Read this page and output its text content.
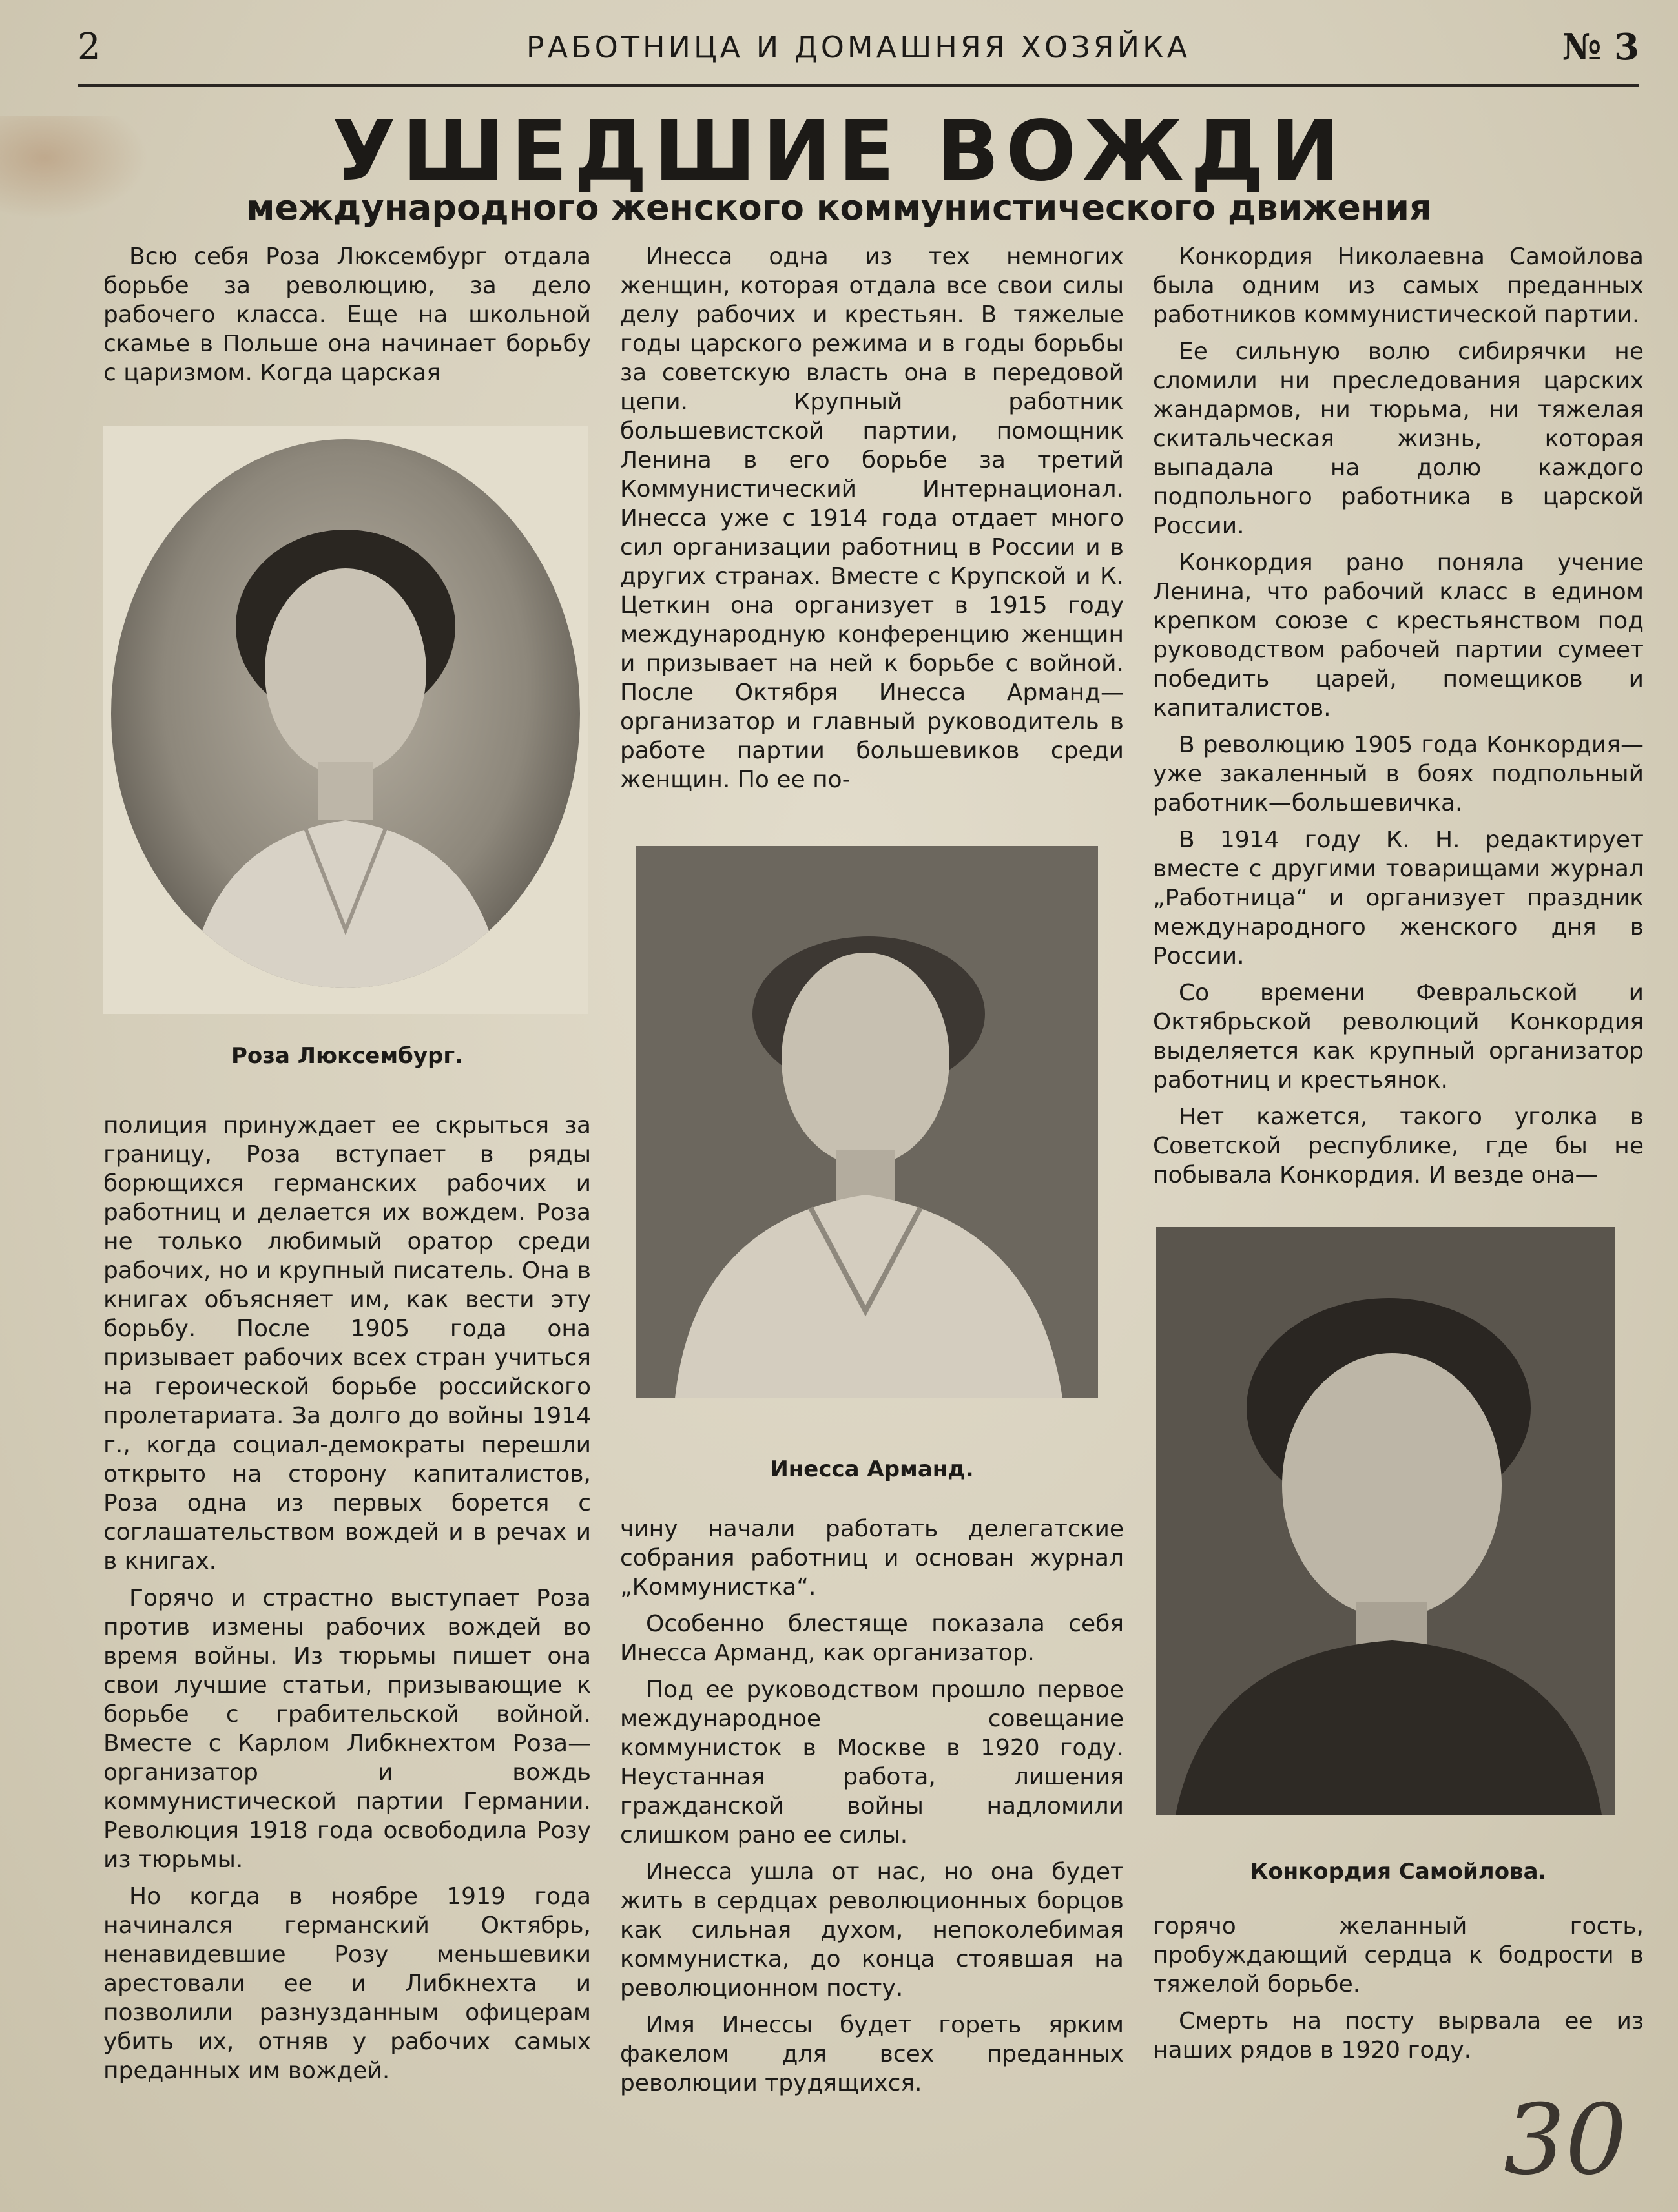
2	РАБОТНИЦА И ДОМАШНЯЯ ХОЗЯЙКА	№ 3
УШЕДШИЕ ВОЖДИ
международного женского коммунистического движения

Всю себя Роза Люксембург отдала борьбе за революцию, за дело рабочего класса. Еще на школьной скамье в Польше она начинает борьбу с царизмом. Когда царская

Роза Люксембург.

полиция принуждает ее скрыться за границу, Роза вступает в ряды борющихся германских рабочих и работниц и делается их вождем. Роза не только любимый оратор среди рабочих, но и крупный писатель. Она в книгах объясняет им, как вести эту борьбу. После 1905 года она призывает рабочих всех стран учиться на героической борьбе российского пролетариата. За долго до войны 1914 г., когда социал-демократы перешли открыто на сторону капиталистов, Роза одна из первых борется с соглашательством вождей и в речах и в книгах.

Горячо и страстно выступает Роза против измены рабочих вождей во время войны. Из тюрьмы пишет она свои лучшие статьи, призывающие к борьбе с грабительской войной. Вместе с Карлом Либкнехтом Роза—организатор и вождь коммунистической партии Германии. Революция 1918 года освободила Розу из тюрьмы.

Но когда в ноябре 1919 года начинался германский Октябрь, ненавидевшие Розу меньшевики арестовали ее и Либкнехта и позволили разнузданным офицерам убить их, отняв у рабочих самых преданных им вождей.

Инесса одна из тех немногих женщин, которая отдала все свои силы делу рабочих и крестьян. В тяжелые годы царского режима и в годы борьбы за советскую власть она в передовой цепи. Крупный работник большевистской партии, помощник Ленина в его борьбе за третий Коммунистический Интернационал. Инесса уже с 1914 года отдает много сил организации работниц в России и в других странах. Вместе с Крупской и К. Цеткин она организует в 1915 году международную конференцию женщин и призывает на ней к борьбе с войной. После Октября Инесса Арманд—организатор и главный руководитель в работе партии большевиков среди женщин. По ее по-

Инесса Арманд.

чину начали работать делегатские собрания работниц и основан журнал „Коммунистка“.

Особенно блестяще показала себя Инесса Арманд, как организатор.

Под ее руководством прошло первое международное совещание коммунисток в Москве в 1920 году. Неустанная работа, лишения гражданской войны надломили слишком рано ее силы.

Инесса ушла от нас, но она будет жить в сердцах революционных борцов как сильная духом, непоколебимая коммунистка, до конца стоявшая на революционном посту.

Имя Инессы будет гореть ярким факелом для всех преданных революции трудящихся.

Конкордия Николаевна Самойлова была одним из самых преданных работников коммунистической партии.

Ее сильную волю сибирячки не сломили ни преследования царских жандармов, ни тюрьма, ни тяжелая скитальческая жизнь, которая выпадала на долю каждого подпольного работника в царской России.

Конкордия рано поняла учение Ленина, что рабочий класс в едином крепком союзе с крестьянством под руководством рабочей партии сумеет победить царей, помещиков и капиталистов.

В революцию 1905 года Конкордия—уже закаленный в боях подпольный работник—большевичка.

В 1914 году К. Н. редактирует вместе с другими товарищами журнал „Работница“ и организует праздник международного женского дня в России.

Со времени Февральской и Октябрьской революций Конкордия выделяется как крупный организатор работниц и крестьянок.

Нет кажется, такого уголка в Советской республике, где бы не побывала Конкордия. И везде она—

Конкордия Самойлова.

горячо желанный гость, пробуждающий сердца к бодрости в тяжелой борьбе.

Смерть на посту вырвала ее из наших рядов в 1920 году.

30
